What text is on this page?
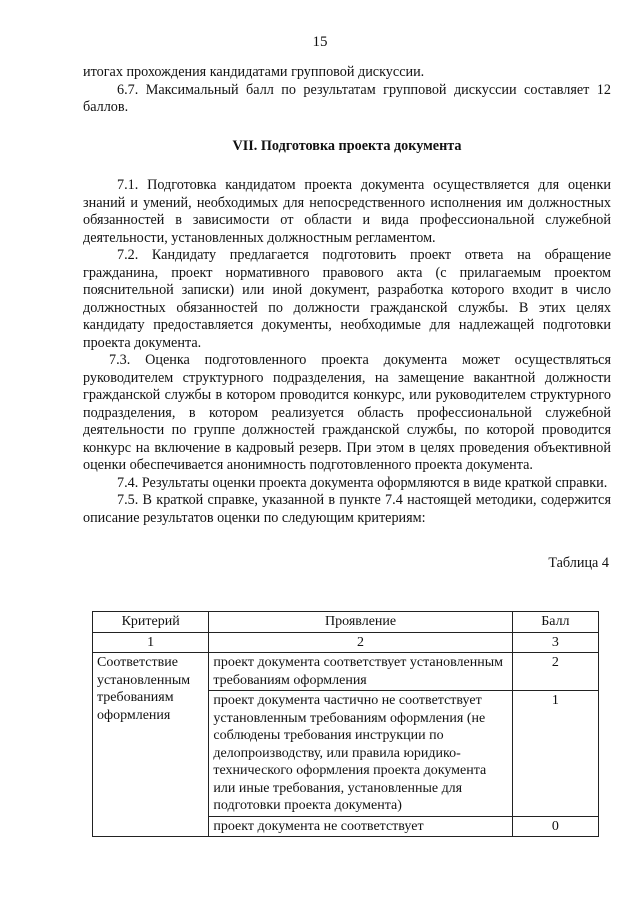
15

итогах прохождения кандидатами групповой дискуссии.

6.7. Максимальный балл по результатам групповой дискуссии составляет 12 баллов.

VII. Подготовка проекта документа

7.1. Подготовка кандидатом проекта документа осуществляется для оценки знаний и умений, необходимых для непосредственного исполнения им должностных обязанностей в зависимости от области и вида профессиональной служебной деятельности, установленных должностным регламентом.

7.2. Кандидату предлагается подготовить проект ответа на обращение гражданина, проект нормативного правового акта (с прилагаемым проектом пояснительной записки) или иной документ, разработка которого входит в число должностных обязанностей по должности гражданской службы. В этих целях кандидату предоставляется документы, необходимые для надлежащей подготовки проекта документа.

7.3. Оценка подготовленного проекта документа может осуществляться руководителем структурного подразделения, на замещение вакантной должности гражданской службы в котором проводится конкурс, или руководителем структурного подразделения, в котором реализуется область профессиональной служебной деятельности по группе должностей гражданской службы, по которой проводится конкурс на включение в кадровый резерв. При этом в целях проведения объективной оценки обеспечивается анонимность подготовленного проекта документа.

7.4. Результаты оценки проекта документа оформляются в виде краткой справки.

7.5. В краткой справке, указанной в пункте 7.4 настоящей методики, содержится описание результатов оценки по следующим критериям:

Таблица 4

Критерий	Проявление	Балл
1	2	3
Соответствие установленным требованиям оформления	проект документа соответствует установленным требованиям оформления	2
	проект документа частично не соответствует установленным требованиям оформления (не соблюдены требования инструкции по делопроизводству, или правила юридико-технического оформления проекта документа или иные требования, установленные для подготовки проекта документа)	1
	проект документа не соответствует	0
